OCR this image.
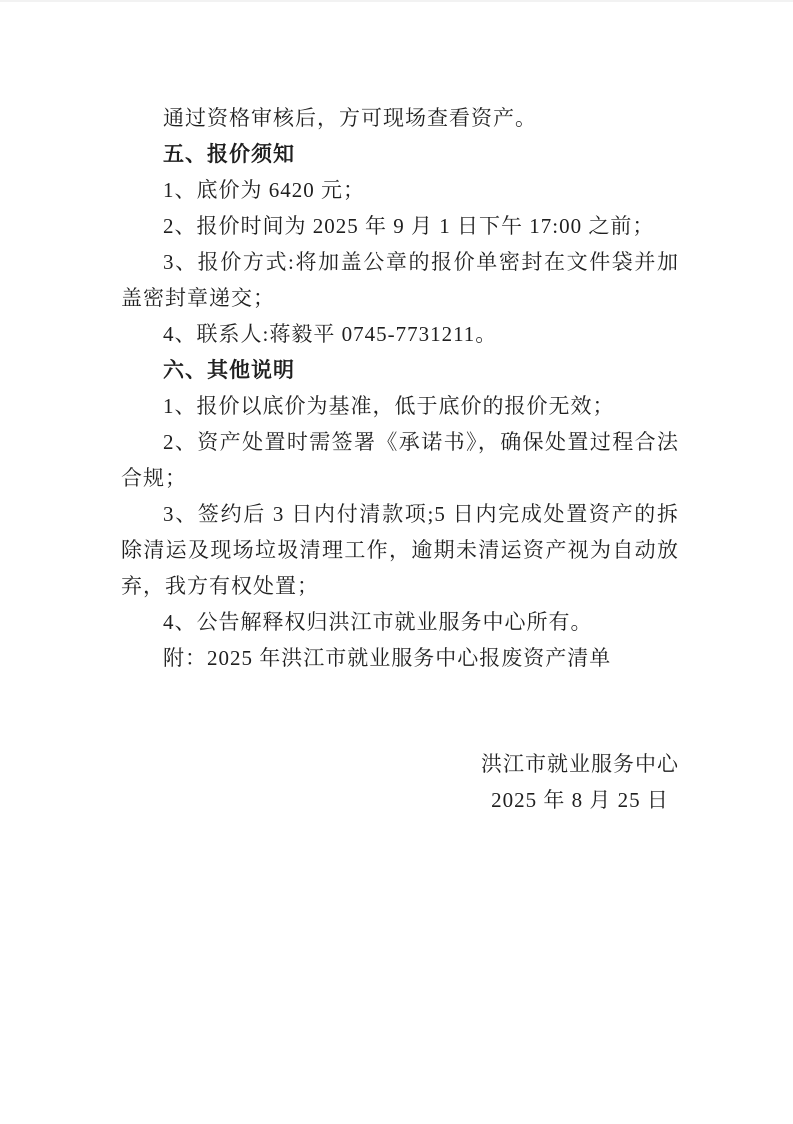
通过资格审核后，方可现场查看资产。

五、报价须知

1、底价为 6420 元；

2、报价时间为 2025 年 9 月 1 日下午 17:00 之前；

3、报价方式:将加盖公章的报价单密封在文件袋并加盖密封章递交；

4、联系人:蒋毅平 0745-7731211。

六、其他说明

1、报价以底价为基准，低于底价的报价无效；

2、资产处置时需签署《承诺书》，确保处置过程合法合规；

3、签约后 3 日内付清款项;5 日内完成处置资产的拆除清运及现场垃圾清理工作，逾期未清运资产视为自动放弃，我方有权处置；

4、公告解释权归洪江市就业服务中心所有。

附：2025 年洪江市就业服务中心报废资产清单

洪江市就业服务中心
2025 年 8 月 25 日
